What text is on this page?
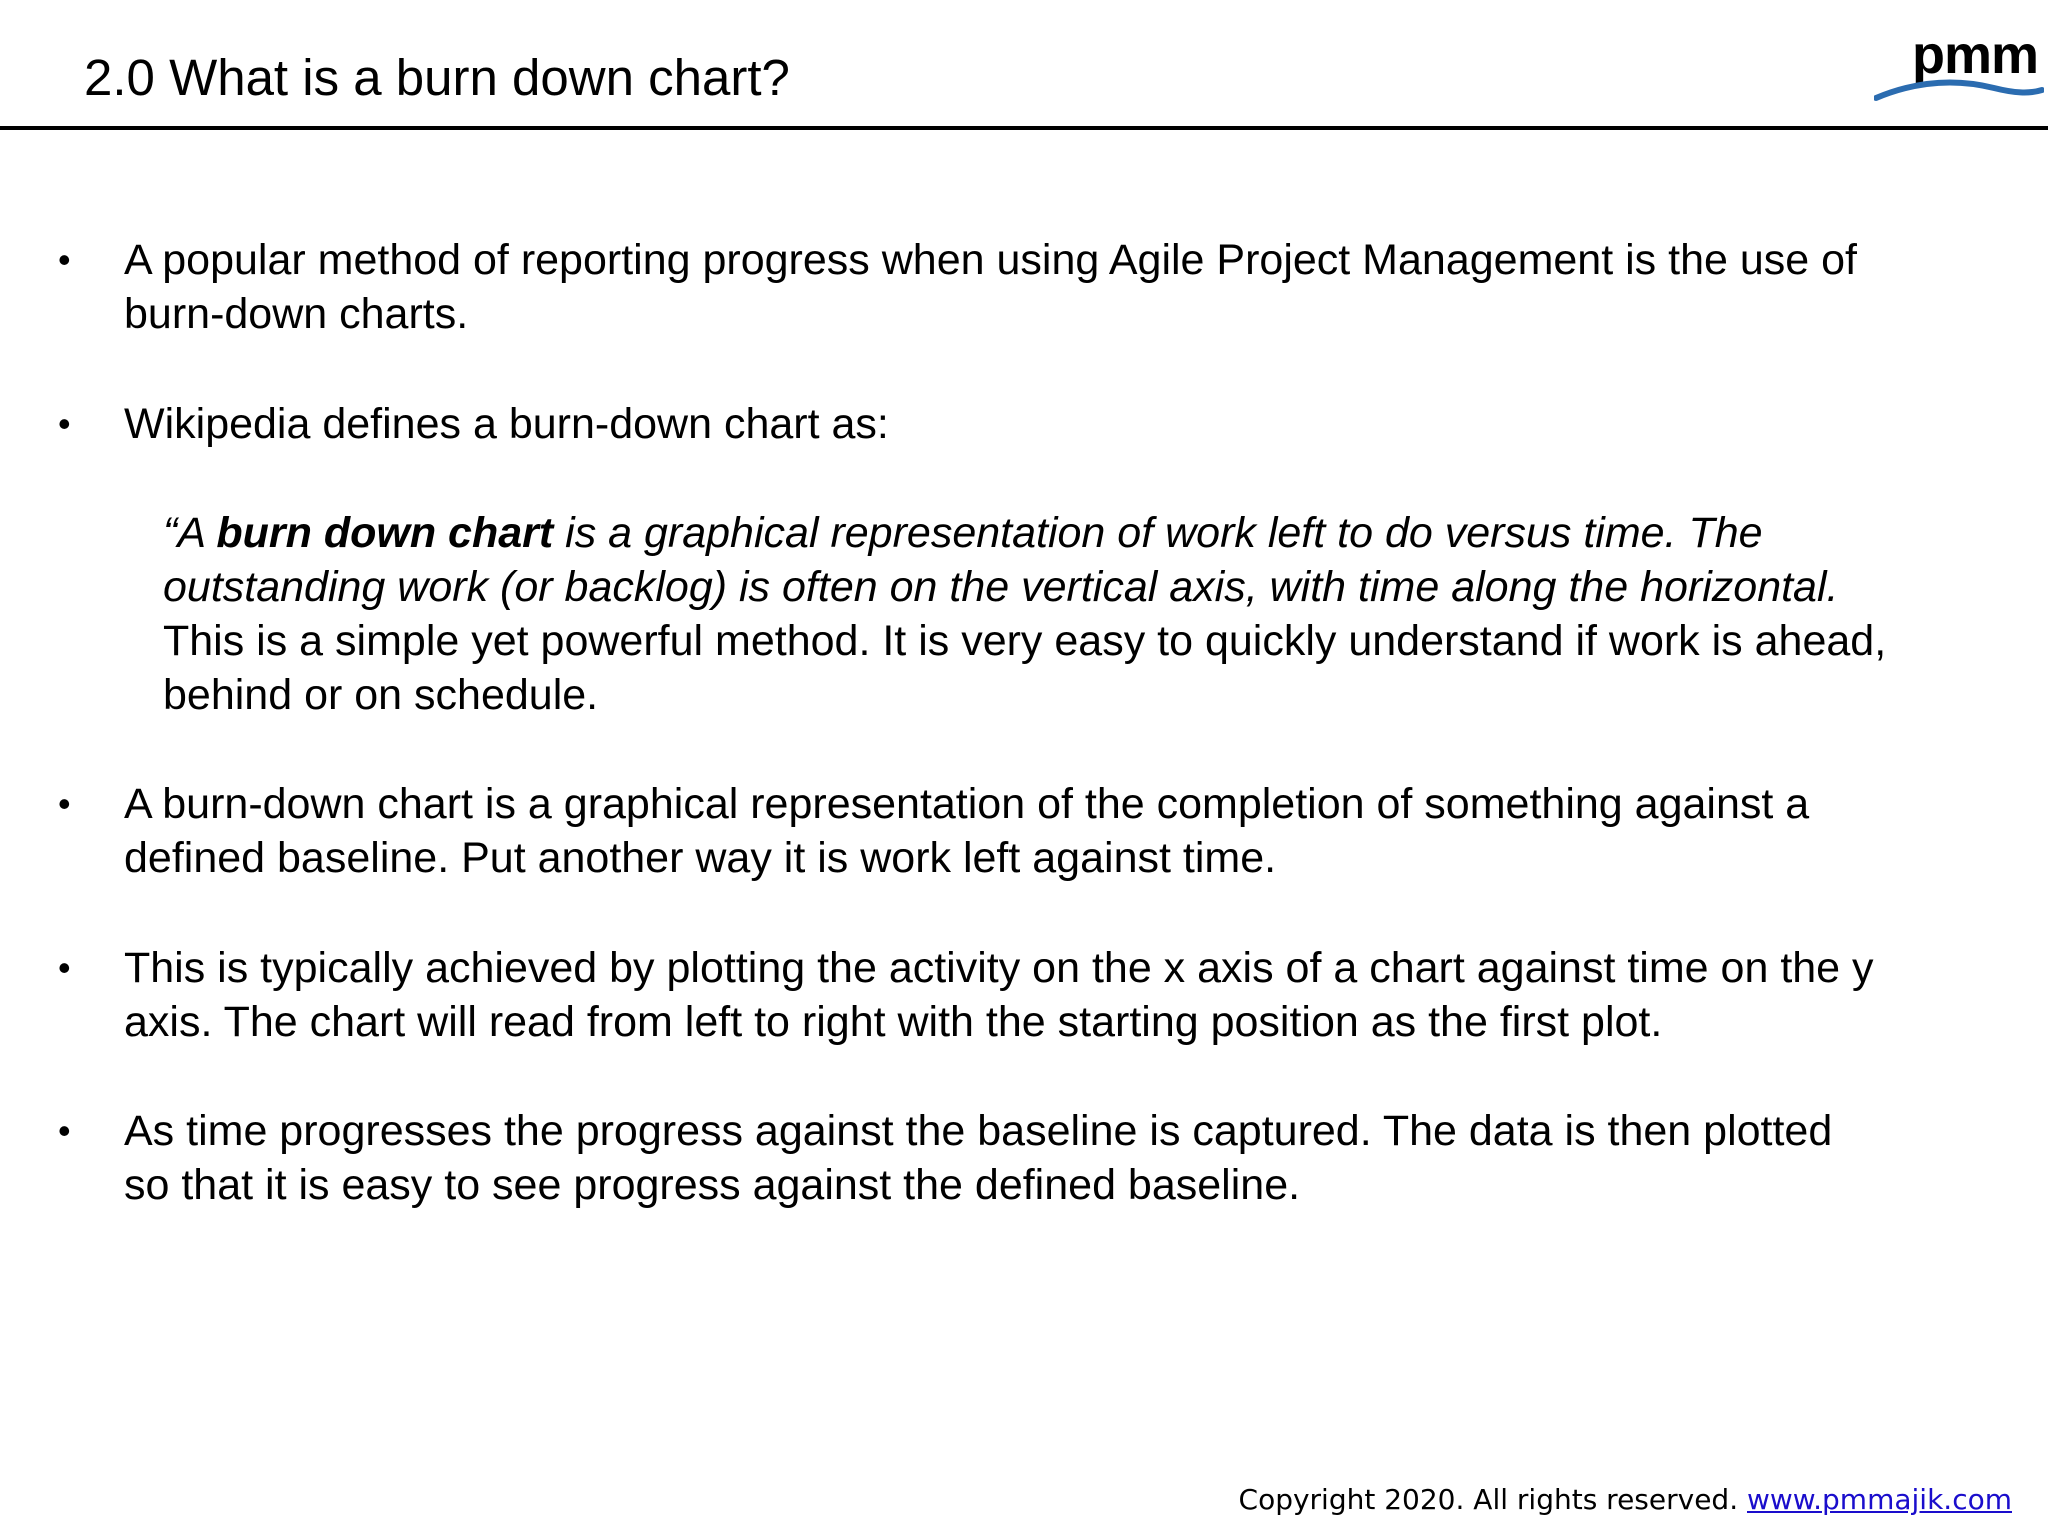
2.0 What is a burn down chart?	pmm
• A popular method of reporting progress when using Agile Project Management is the use of
burn-down charts.
• Wikipedia defines a burn-down chart as:
“A burn down chart is a graphical representation of work left to do versus time. The
outstanding work (or backlog) is often on the vertical axis, with time along the horizontal.
This is a simple yet powerful method. It is very easy to quickly understand if work is ahead,
behind or on schedule.
• A burn-down chart is a graphical representation of the completion of something against a
defined baseline. Put another way it is work left against time.
• This is typically achieved by plotting the activity on the x axis of a chart against time on the y
axis. The chart will read from left to right with the starting position as the first plot.
• As time progresses the progress against the baseline is captured. The data is then plotted
so that it is easy to see progress against the defined baseline.
Copyright 2020. All rights reserved. www.pmmajik.com
